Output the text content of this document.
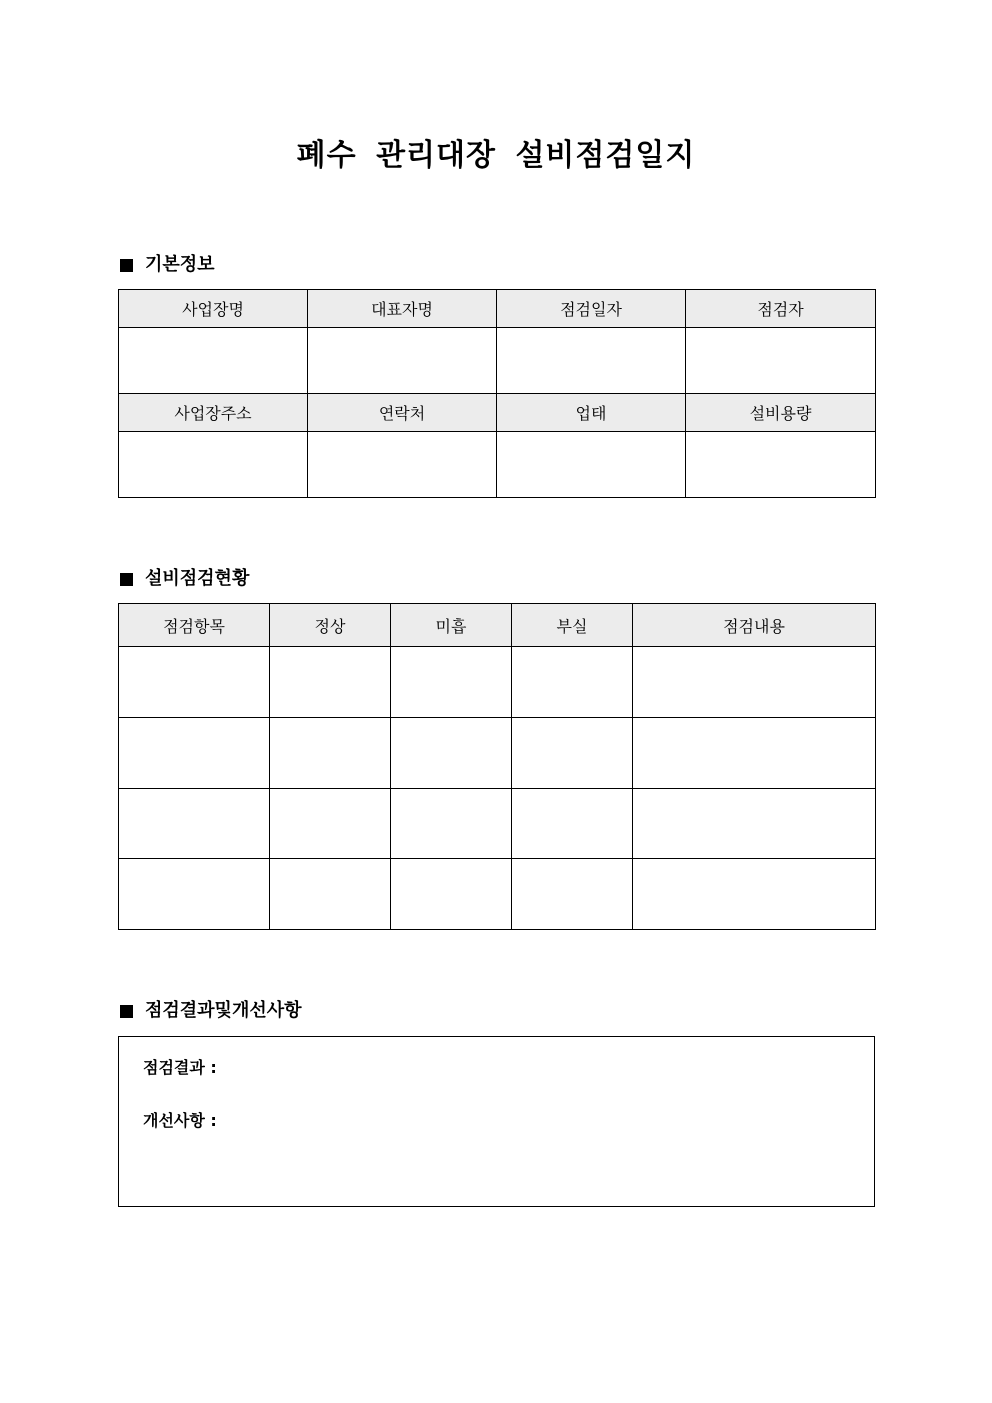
폐수 관리대장 설비점검일지
기본정보
사업장명	대표자명	점검일자	점검자

사업장주소	연락처	업태	설비용량

설비점검현황
점검항목	정상	미흡	부실	점검내용

점검결과및개선사항
점검결과 :
개선사항 :
